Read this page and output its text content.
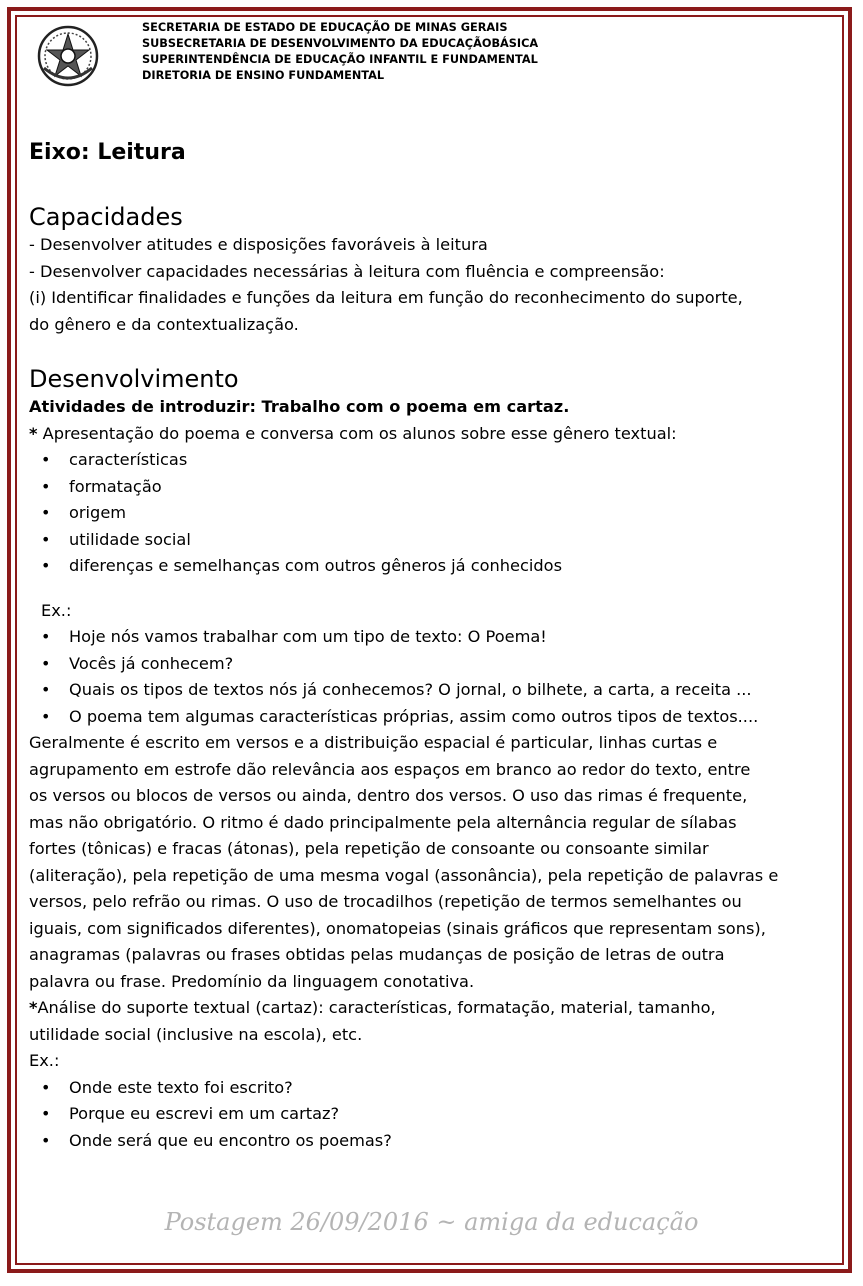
SECRETARIA DE ESTADO DE EDUCAÇÃO DE MINAS GERAIS
SUBSECRETARIA DE DESENVOLVIMENTO DA EDUCAÇÃOBÁSICA
SUPERINTENDÊNCIA DE EDUCAÇÃO INFANTIL E FUNDAMENTAL
DIRETORIA DE ENSINO FUNDAMENTAL
Eixo: Leitura
Capacidades

- Desenvolver atitudes e disposições favoráveis à leitura

- Desenvolver capacidades necessárias à leitura com fluência e compreensão:

(i) Identificar finalidades e funções da leitura em função do reconhecimento do suporte,

do gênero e da contextualização.

Desenvolvimento

Atividades de introduzir: Trabalho com o poema em cartaz.

* Apresentação do poema e conversa com os alunos sobre esse gênero textual:

• características
• formatação
• origem
• utilidade social
• diferenças e semelhanças com outros gêneros já conhecidos

Ex.:

• Hoje nós vamos trabalhar com um tipo de texto: O Poema!
• Vocês já conhecem?
• Quais os tipos de textos nós já conhecemos? O jornal, o bilhete, a carta, a receita ...
• O poema tem algumas características próprias, assim como outros tipos de textos....

Geralmente é escrito em versos e a distribuição espacial é particular, linhas curtas e

agrupamento em estrofe dão relevância aos espaços em branco ao redor do texto, entre

os versos ou blocos de versos ou ainda, dentro dos versos. O uso das rimas é frequente,

mas não obrigatório. O ritmo é dado principalmente pela alternância regular de sílabas

fortes (tônicas) e fracas (átonas), pela repetição de consoante ou consoante similar

(aliteração), pela repetição de uma mesma vogal (assonância), pela repetição de palavras e

versos, pelo refrão ou rimas. O uso de trocadilhos (repetição de termos semelhantes ou

iguais, com significados diferentes), onomatopeias (sinais gráficos que representam sons),

anagramas (palavras ou frases obtidas pelas mudanças de posição de letras de outra

palavra ou frase. Predomínio da linguagem conotativa.

*Análise do suporte textual (cartaz): características, formatação, material, tamanho,

utilidade social (inclusive na escola), etc.

Ex.:

• Onde este texto foi escrito?
• Porque eu escrevi em um cartaz?
• Onde será que eu encontro os poemas?
Postagem 26/09/2016 ~ amiga da educação
